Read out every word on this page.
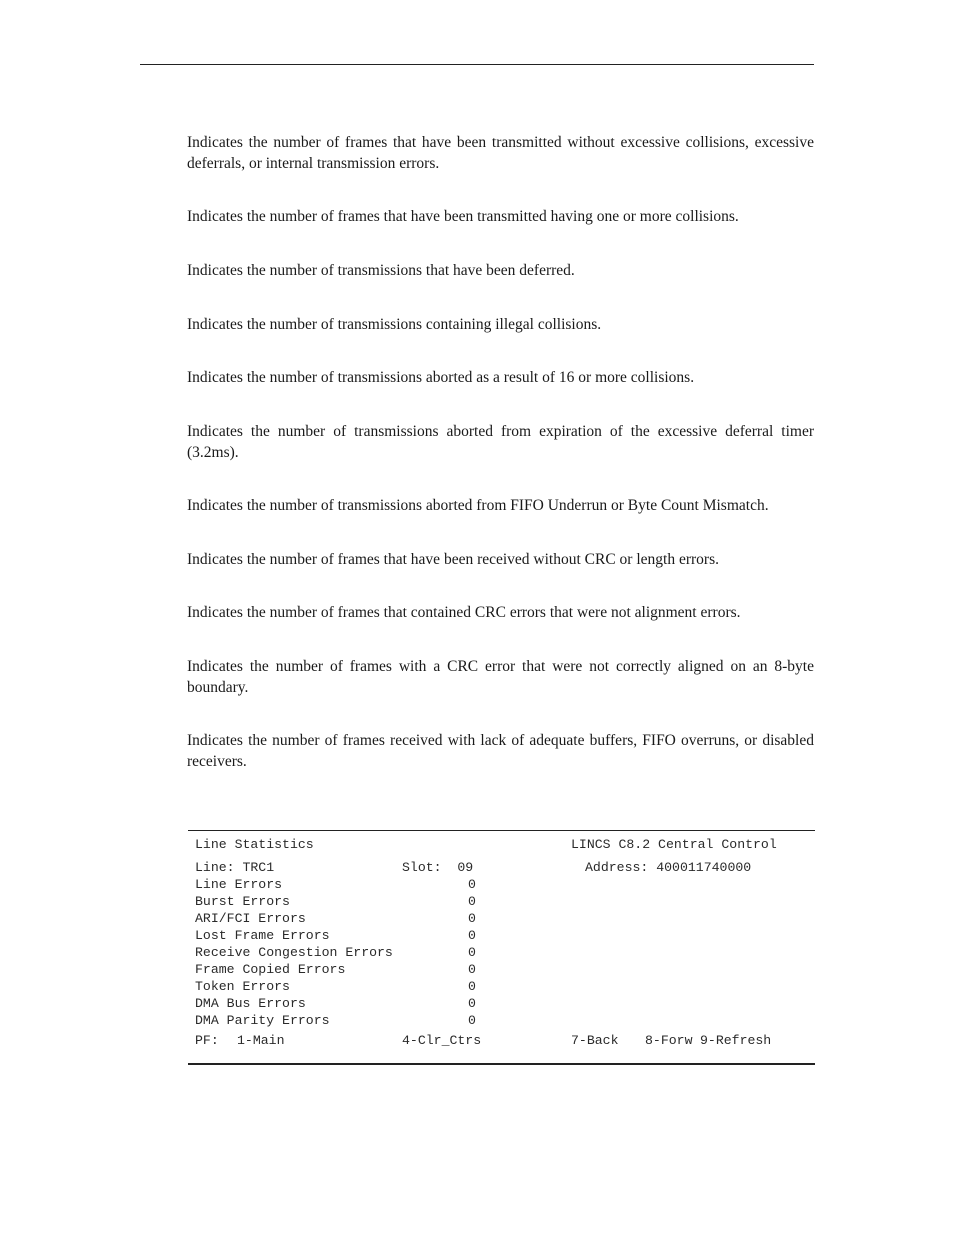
Indicates the number of frames that have been transmitted without excessive collisions, excessive deferrals, or internal transmission errors.

Indicates the number of frames that have been transmitted having one or more collisions.

Indicates the number of transmissions that have been deferred.

Indicates the number of transmissions containing illegal collisions.

Indicates the number of transmissions aborted as a result of 16 or more collisions.

Indicates the number of transmissions aborted from expiration of the excessive deferral timer (3.2ms).

Indicates the number of transmissions aborted from FIFO Underrun or Byte Count Mismatch.

Indicates the number of frames that have been received without CRC or length errors.

Indicates the number of frames that contained CRC errors that were not alignment errors.

Indicates the number of frames with a CRC error that were not correctly aligned on an 8-byte boundary.

Indicates the number of frames received with lack of adequate buffers, FIFO overruns, or disabled receivers.

Line Statistics	LINCS C8.2 Central Control
Line: TRC1	Slot:  09	Address: 400011740000
Line Errors	0
Burst Errors	0
ARI/FCI Errors	0
Lost Frame Errors	0
Receive Congestion Errors	0
Frame Copied Errors	0
Token Errors	0
DMA Bus Errors	0
DMA Parity Errors	0
PF: 1-Main	4-Clr_Ctrs	7-Back 8-Forw 9-Refresh
